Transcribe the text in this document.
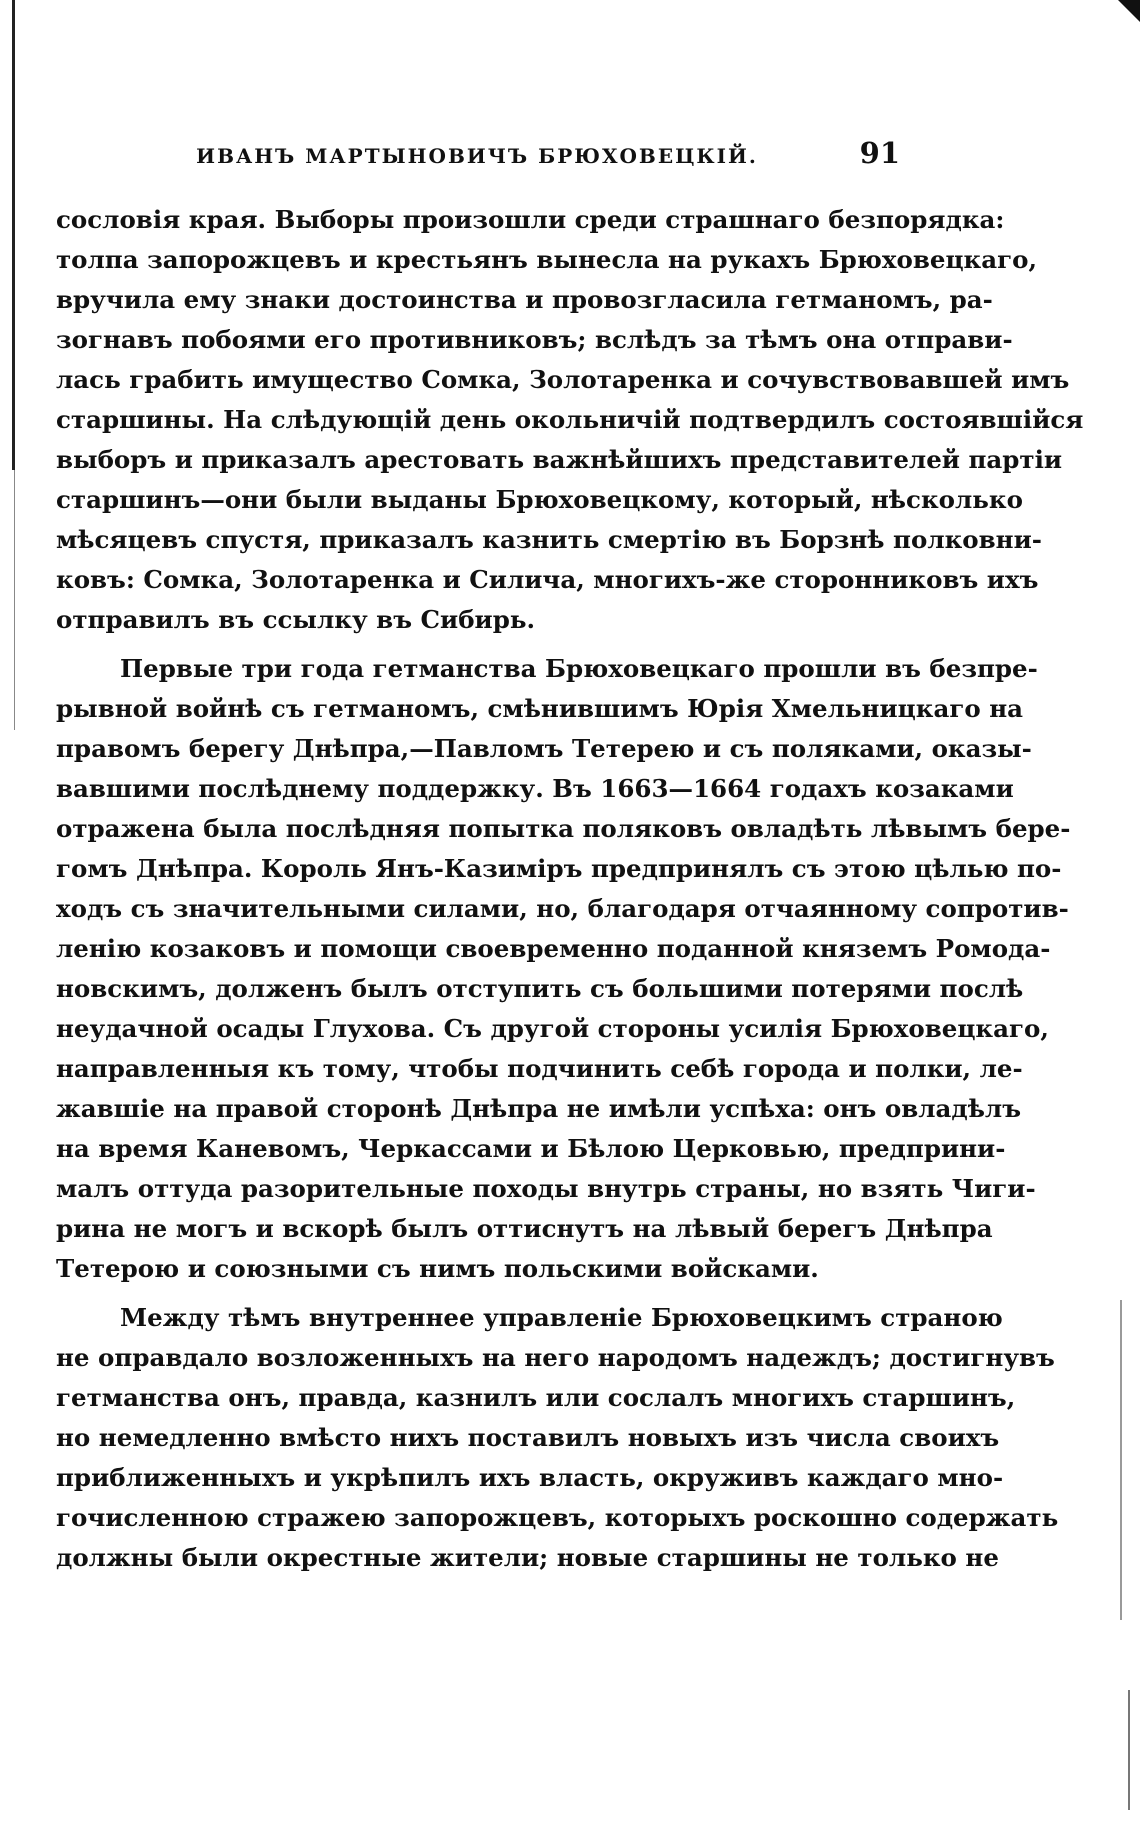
ИВАНЪ МАРТЫНОВИЧЪ БРЮХОВЕЦКІЙ.	91
сословія края. Выборы произошли среди страшнаго безпорядка:
толпа запорожцевъ и крестьянъ вынесла на рукахъ Брюховецкаго,
вручила ему знаки достоинства и провозгласила гетманомъ, ра-
зогнавъ побоями его противниковъ; вслѣдъ за тѣмъ она отправи-
лась грабить имущество Сомка, Золотаренка и сочувствовавшей имъ
старшины. На слѣдующій день окольничій подтвердилъ состоявшійся
выборъ и приказалъ арестовать важнѣйшихъ представителей партіи
старшинъ—они были выданы Брюховецкому, который, нѣсколько
мѣсяцевъ спустя, приказалъ казнить смертію въ Борзнѣ полковни-
ковъ: Сомка, Золотаренка и Силича, многихъ-же сторонниковъ ихъ
отправилъ въ ссылку въ Сибирь.
Первые три года гетманства Брюховецкаго прошли въ безпре-
рывной войнѣ съ гетманомъ, смѣнившимъ Юрія Хмельницкаго на
правомъ берегу Днѣпра,—Павломъ Тетерею и съ поляками, оказы-
вавшими послѣднему поддержку. Въ 1663—1664 годахъ козаками
отражена была послѣдняя попытка поляковъ овладѣть лѣвымъ бере-
гомъ Днѣпра. Король Янъ-Казиміръ предпринялъ съ этою цѣлью по-
ходъ съ значительными силами, но, благодаря отчаянному сопротив-
ленію козаковъ и помощи своевременно поданной княземъ Ромода-
новскимъ, долженъ былъ отступить съ большими потерями послѣ
неудачной осады Глухова. Съ другой стороны усилія Брюховецкаго,
направленныя къ тому, чтобы подчинить себѣ города и полки, ле-
жавшіе на правой сторонѣ Днѣпра не имѣли успѣха: онъ овладѣлъ
на время Каневомъ, Черкассами и Бѣлою Церковью, предприни-
малъ оттуда разорительные походы внутрь страны, но взять Чиги-
рина не могъ и вскорѣ былъ оттиснутъ на лѣвый берегъ Днѣпра
Тетерою и союзными съ нимъ польскими войсками.
Между тѣмъ внутреннее управленіе Брюховецкимъ страною
не оправдало возложенныхъ на него народомъ надеждъ; достигнувъ
гетманства онъ, правда, казнилъ или сослалъ многихъ старшинъ,
но немедленно вмѣсто нихъ поставилъ новыхъ изъ числа своихъ
приближенныхъ и укрѣпилъ ихъ власть, окруживъ каждаго мно-
гочисленною стражею запорожцевъ, которыхъ роскошно содержать
должны были окрестные жители; новые старшины не только не
